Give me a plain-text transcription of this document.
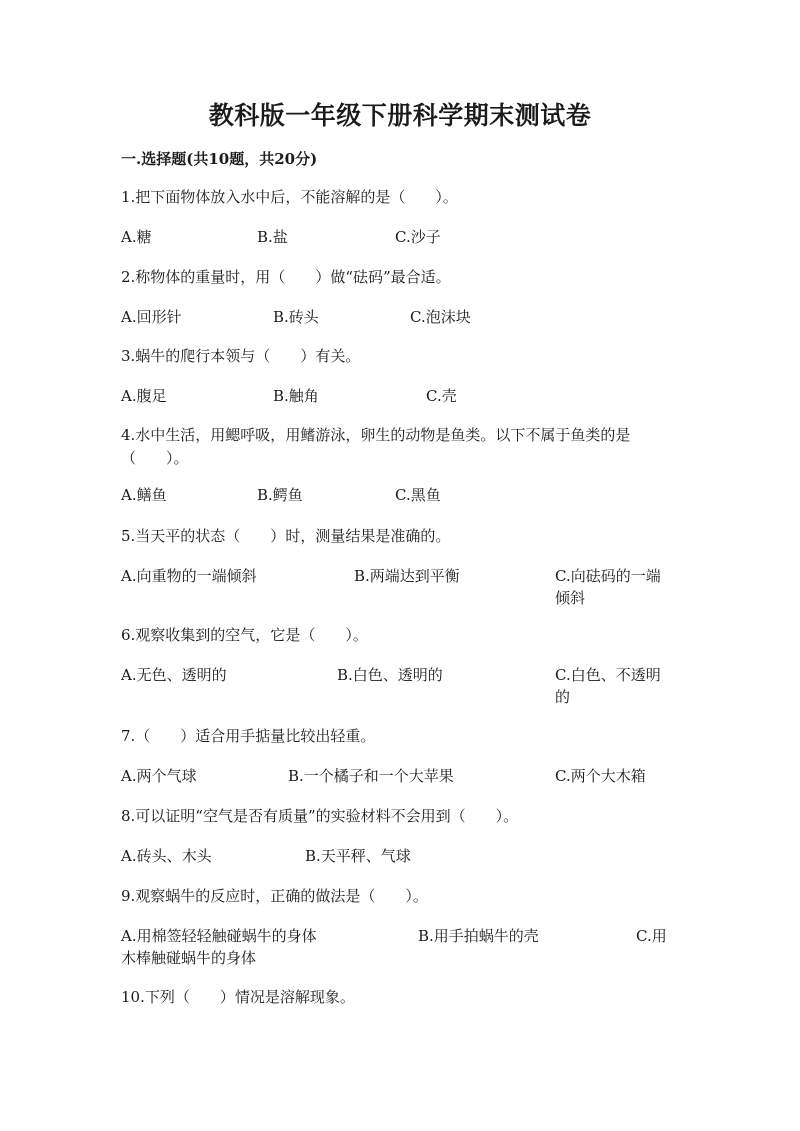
教科版一年级下册科学期末测试卷
一.选择题(共10题，共20分)
1.把下面物体放入水中后，不能溶解的是（　　）。
A.糖	B.盐	C.沙子
2.称物体的重量时，用（　　）做“砝码”最合适。
A.回形针	B.砖头	C.泡沫块
3.蜗牛的爬行本领与（　　）有关。
A.腹足	B.触角	C.壳
4.水中生活，用鳃呼吸，用鳍游泳，卵生的动物是鱼类。以下不属于鱼类的是（　　）。
A.鳝鱼	B.鳄鱼	C.黑鱼
5.当天平的状态（　　）时，测量结果是准确的。
A.向重物的一端倾斜	B.两端达到平衡	C.向砝码的一端倾斜
6.观察收集到的空气，它是（　　）。
A.无色、透明的	B.白色、透明的	C.白色、不透明的
7.（　　）适合用手掂量比较出轻重。
A.两个气球	B.一个橘子和一个大苹果	C.两个大木箱
8.可以证明“空气是否有质量”的实验材料不会用到（　　）。
A.砖头、木头	B.天平秤、气球
9.观察蜗牛的反应时，正确的做法是（　　）。
A.用棉签轻轻触碰蜗牛的身体	B.用手拍蜗牛的壳	C.用木棒触碰蜗牛的身体
10.下列（　　）情况是溶解现象。
